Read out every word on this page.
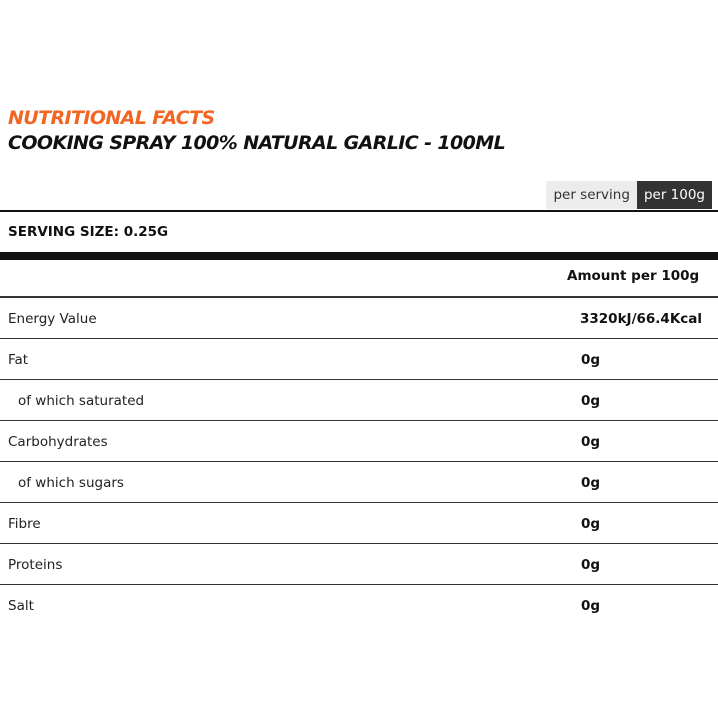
NUTRITIONAL FACTS
COOKING SPRAY 100% NATURAL GARLIC - 100ML
per serving	per 100g
SERVING SIZE: 0.25G
Amount per 100g
Energy Value	3320kJ/66.4Kcal
Fat	0g
of which saturated	0g
Carbohydrates	0g
of which sugars	0g
Fibre	0g
Proteins	0g
Salt	0g
